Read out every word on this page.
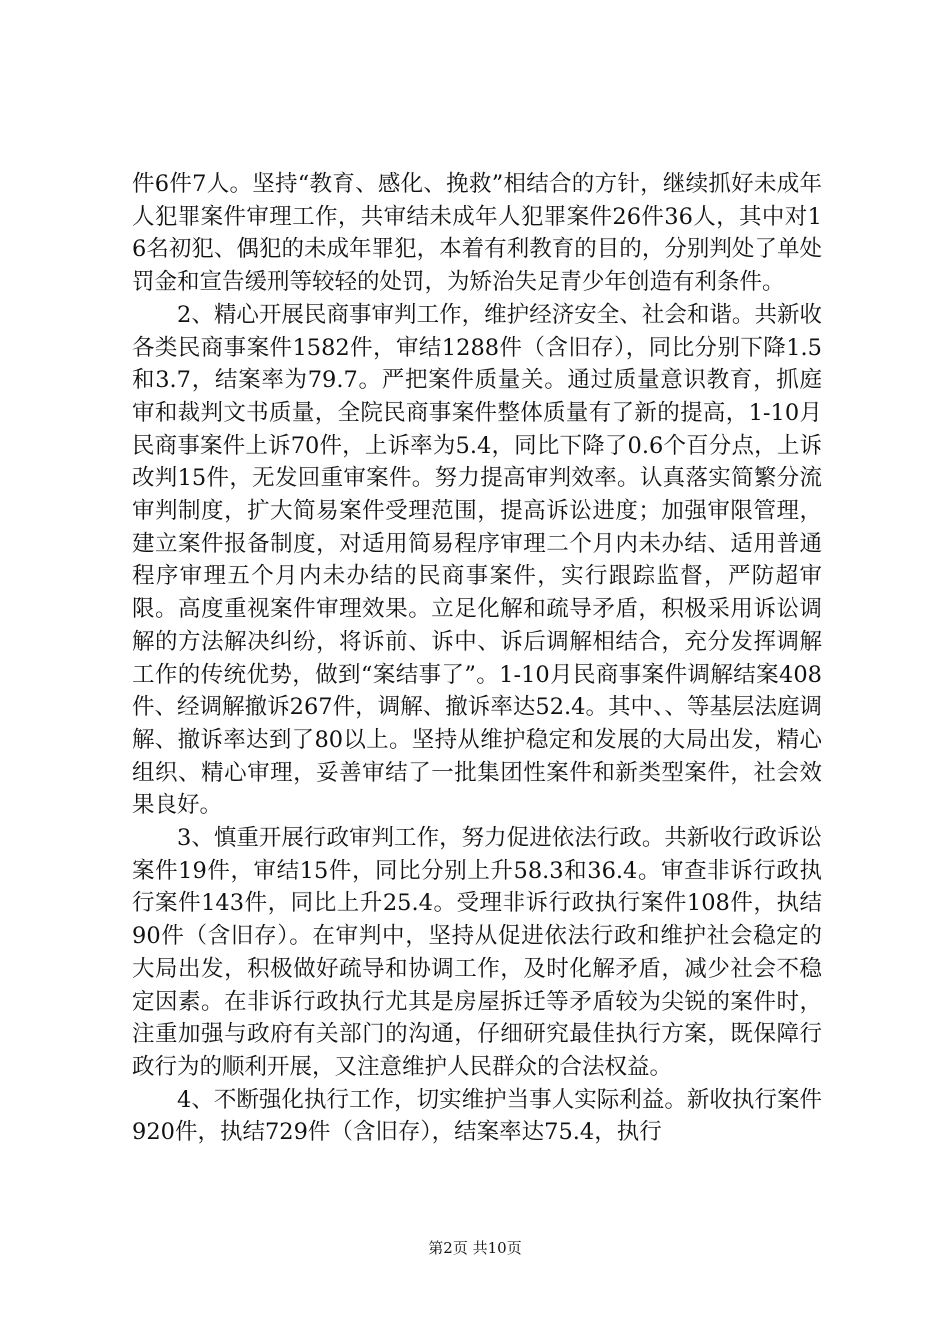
件6件7人。坚持“教育、感化、挽救”相结合的方针，继续抓好未成年人犯罪案件审理工作，共审结未成年人犯罪案件26件36人，其中对16名初犯、偶犯的未成年罪犯，本着有利教育的目的，分别判处了单处罚金和宣告缓刑等较轻的处罚，为矫治失足青少年创造有利条件。

2、精心开展民商事审判工作，维护经济安全、社会和谐。共新收各类民商事案件1582件，审结1288件（含旧存），同比分别下降1.5和3.7，结案率为79.7。严把案件质量关。通过质量意识教育，抓庭审和裁判文书质量，全院民商事案件整体质量有了新的提高，1-10月民商事案件上诉70件，上诉率为5.4，同比下降了0.6个百分点，上诉改判15件，无发回重审案件。努力提高审判效率。认真落实简繁分流审判制度，扩大简易案件受理范围，提高诉讼进度；加强审限管理，建立案件报备制度，对适用简易程序审理二个月内未办结、适用普通程序审理五个月内未办结的民商事案件，实行跟踪监督，严防超审限。高度重视案件审理效果。立足化解和疏导矛盾，积极采用诉讼调解的方法解决纠纷，将诉前、诉中、诉后调解相结合，充分发挥调解工作的传统优势，做到“案结事了”。1-10月民商事案件调解结案408件、经调解撤诉267件，调解、撤诉率达52.4。其中、、等基层法庭调解、撤诉率达到了80以上。坚持从维护稳定和发展的大局出发，精心组织、精心审理，妥善审结了一批集团性案件和新类型案件，社会效果良好。

3、慎重开展行政审判工作，努力促进依法行政。共新收行政诉讼案件19件，审结15件，同比分别上升58.3和36.4。审查非诉行政执行案件143件，同比上升25.4。受理非诉行政执行案件108件，执结90件（含旧存）。在审判中，坚持从促进依法行政和维护社会稳定的大局出发，积极做好疏导和协调工作，及时化解矛盾，减少社会不稳定因素。在非诉行政执行尤其是房屋拆迁等矛盾较为尖锐的案件时，注重加强与政府有关部门的沟通，仔细研究最佳执行方案，既保障行政行为的顺利开展，又注意维护人民群众的合法权益。

4、不断强化执行工作，切实维护当事人实际利益。新收执行案件920件，执结729件（含旧存），结案率达75.4，执行

第2页 共10页
